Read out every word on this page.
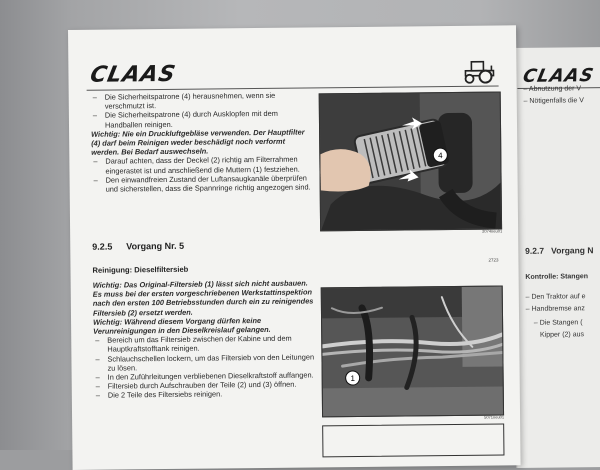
CLAAS
– Abnutzung der V
– Nötigenfalls die V
9.2.7 Vorgang N
Kontrolle: Stangen
– Den Traktor auf e
– Handbremse anz
– Die Stangen (
Kipper (2) aus
CLAAS

– Die Sicherheitspatrone (4) herausnehmen, wenn sie verschmutzt ist.

– Die Sicherheitspatrone (4) durch Ausklopfen mit dem Handballen reinigen.

Wichtig: Nie ein Druckluftgebläse verwenden. Der Hauptfilter (4) darf beim Reinigen weder beschädigt noch verformt werden. Bei Bedarf auswechseln.

– Darauf achten, dass der Deckel (2) richtig am Filterrahmen eingerastet ist und anschließend die Muttern (1) festziehen.

– Den einwandfreien Zustand der Luftansaugkanäle überprüfen und sicherstellen, dass die Spannringe richtig angezogen sind.

4
2074neu01
9.2.5 Vorgang Nr. 5
2723
Reinigung: Dieselfiltersieb

Wichtig: Das Original-Filtersieb (1) lässt sich nicht ausbauen. Es muss bei der ersten vorgeschriebenen Werkstattinspektion nach den ersten 100 Betriebsstunden durch ein zu reinigendes Filtersieb (2) ersetzt werden.

Wichtig: Während diesem Vorgang dürfen keine Verunreinigungen in den Dieselkreislauf gelangen.

– Bereich um das Filtersieb zwischen der Kabine und dem Hauptkraftstofftank reinigen.

– Schlauchschellen lockern, um das Filtersieb von den Leitungen zu lösen.

– In den Zuführleitungen verbliebenen Dieselkraftstoff auffangen.

– Filtersieb durch Aufschrauben der Teile (2) und (3) öffnen.

– Die 2 Teile des Filtersiebs reinigen.

1
5071neu01
